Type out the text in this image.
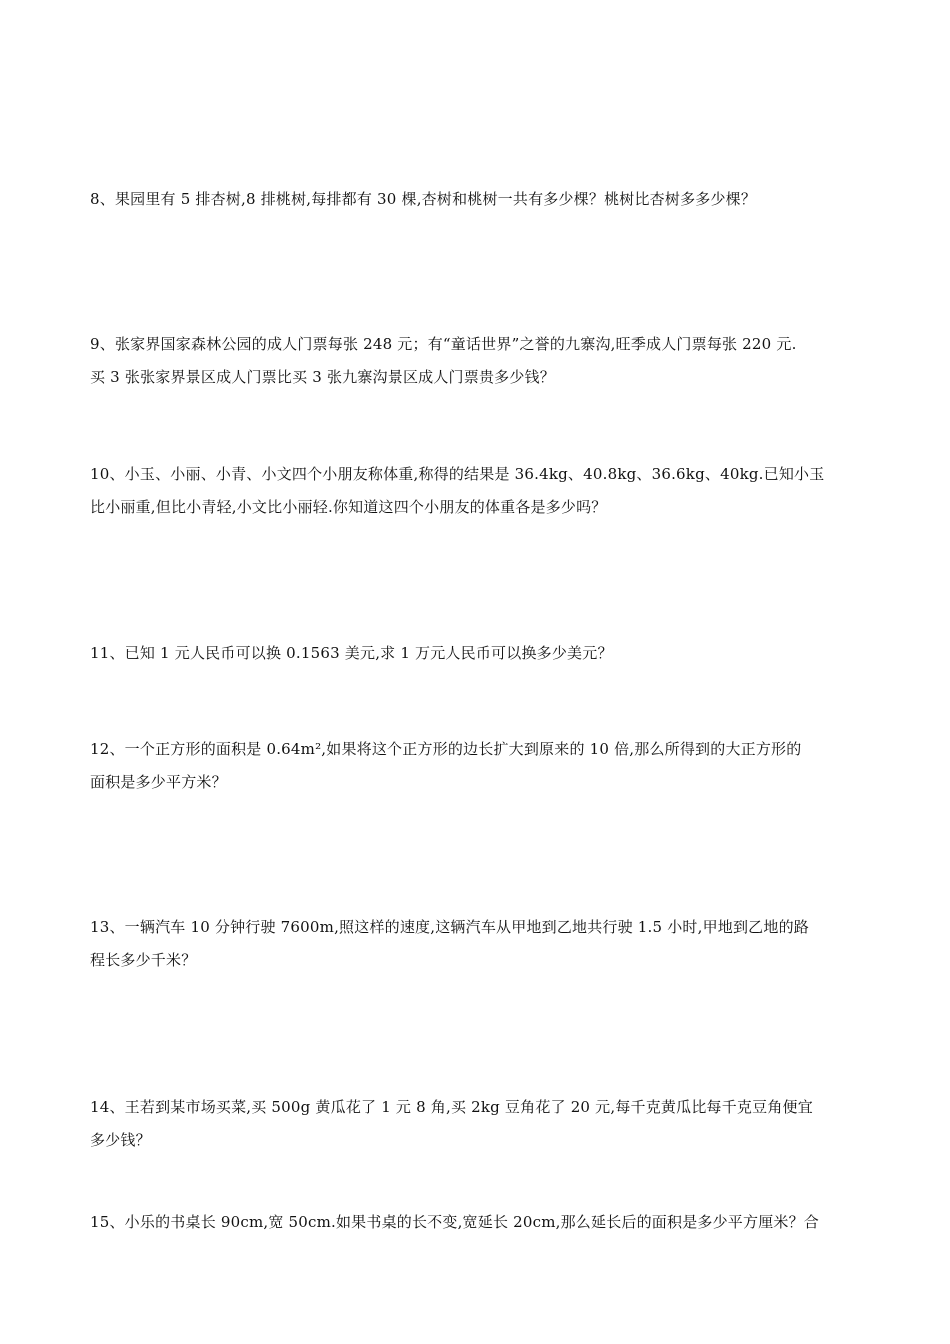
8、果园里有 5 排杏树,8 排桃树,每排都有 30 棵,杏树和桃树一共有多少棵？桃树比杏树多多少棵？
9、张家界国家森林公园的成人门票每张 248 元；有“童话世界”之誉的九寨沟,旺季成人门票每张 220 元.
买 3 张张家界景区成人门票比买 3 张九寨沟景区成人门票贵多少钱？
10、小玉、小丽、小青、小文四个小朋友称体重,称得的结果是 36.4kg、40.8kg、36.6kg、40kg.已知小玉
比小丽重,但比小青轻,小文比小丽轻.你知道这四个小朋友的体重各是多少吗？
11、已知 1 元人民币可以换 0.1563 美元,求 1 万元人民币可以换多少美元？
12、一个正方形的面积是 0.64m²,如果将这个正方形的边长扩大到原来的 10 倍,那么所得到的大正方形的
面积是多少平方米？
13、一辆汽车 10 分钟行驶 7600m,照这样的速度,这辆汽车从甲地到乙地共行驶 1.5 小时,甲地到乙地的路
程长多少千米？
14、王若到某市场买菜,买 500g 黄瓜花了 1 元 8 角,买 2kg 豆角花了 20 元,每千克黄瓜比每千克豆角便宜
多少钱？
15、小乐的书桌长 90cm,宽 50cm.如果书桌的长不变,宽延长 20cm,那么延长后的面积是多少平方厘米？合
